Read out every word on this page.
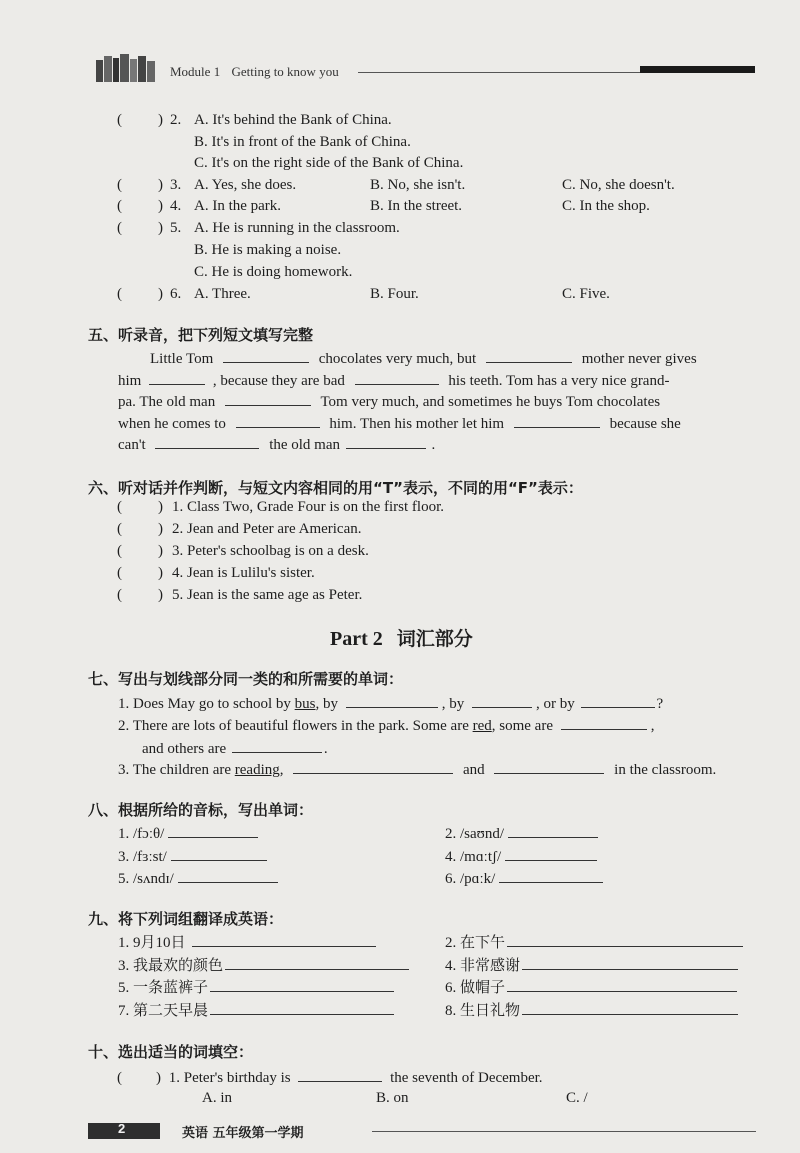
Module 1 Getting to know you
( ) 2. A. It's behind the Bank of China.
B. It's in front of the Bank of China.
C. It's on the right side of the Bank of China.
( ) 3. A. Yes, she does.	B. No, she isn't.	C. No, she doesn't.
( ) 4. A. In the park.	B. In the street.	C. In the shop.
( ) 5. A. He is running in the classroom.
B. He is making a noise.
C. He is doing homework.
( ) 6. A. Three.	B. Four.	C. Five.
五、听录音，把下列短文填写完整
Little Tom	chocolates very much, but	mother never gives
him	, because they are bad	his teeth. Tom has a very nice grand-
pa. The old man	Tom very much, and sometimes he buys Tom chocolates
when he comes to	him. Then his mother let him	because she
can't	the old man	.
六、听对话并作判断，与短文内容相同的用“T”表示，不同的用“F”表示：
( ) 1. Class Two, Grade Four is on the first floor.
( ) 2. Jean and Peter are American.
( ) 3. Peter's schoolbag is on a desk.
( ) 4. Jean is Lulilu's sister.
( ) 5. Jean is the same age as Peter.
Part 2 词汇部分
七、写出与划线部分同一类的和所需要的单词：
1. Does May go to school by bus, by	, by	, or by	?
2. There are lots of beautiful flowers in the park. Some are red, some are	,
and others are	.
3. The children are reading,	and	in the classroom.
八、根据所给的音标，写出单词：
1. /fɔːθ/	2. /saʊnd/
3. /fɜːst/	4. /mɑːtʃ/
5. /sʌndɪ/	6. /pɑːk/
九、将下列词组翻译成英语：
1. 9月10日	2. 在下午
3. 我最欢的颜色	4. 非常感谢
5. 一条蓝裤子	6. 做帽子
7. 第二天早晨	8. 生日礼物
十、选出适当的词填空：
( ) 1. Peter's birthday is	the seventh of December.
A. in	B. on	C. /
2	英语 五年级第一学期
